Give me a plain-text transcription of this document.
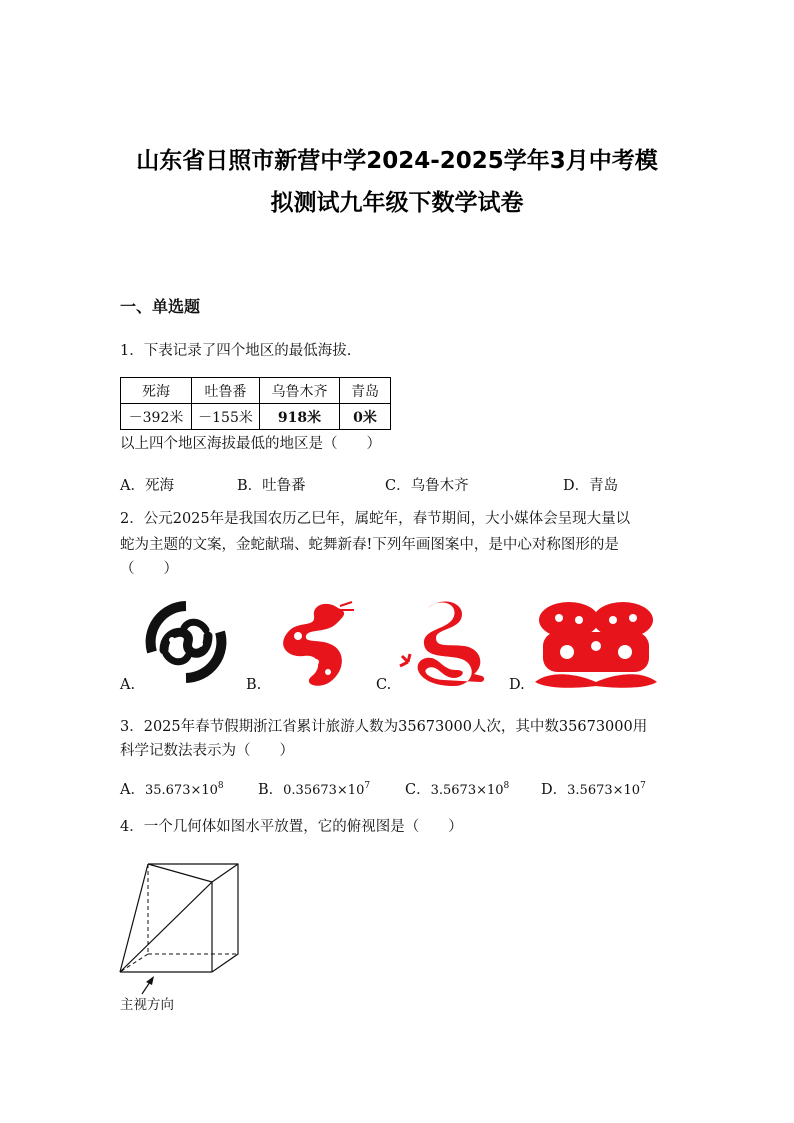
山东省日照市新营中学2024-2025学年3月中考模
拟测试九年级下数学试卷
一、单选题
1．下表记录了四个地区的最低海拔.
死海	吐鲁番	乌鲁木齐	青岛
－392米	－155米	918米	0米
以上四个地区海拔最低的地区是（　　）
A．死海	B．吐鲁番	C．乌鲁木齐	D．青岛
2．公元2025年是我国农历乙巳年，属蛇年，春节期间，大小媒体会呈现大量以
蛇为主题的文案，金蛇献瑞、蛇舞新春!下列年画图案中，是中心对称图形的是
（　　）
A.	B.	C.	D.
3．2025年春节假期浙江省累计旅游人数为35673000人次，其中数35673000用
科学记数法表示为（　　）
A．$35.673\times 10^8$ B．$0.35673\times 10^7$ C．$3.5673\times 10^8$ D．$3.5673\times 10^7$
4．一个几何体如图水平放置，它的俯视图是（　　）
主视方向
